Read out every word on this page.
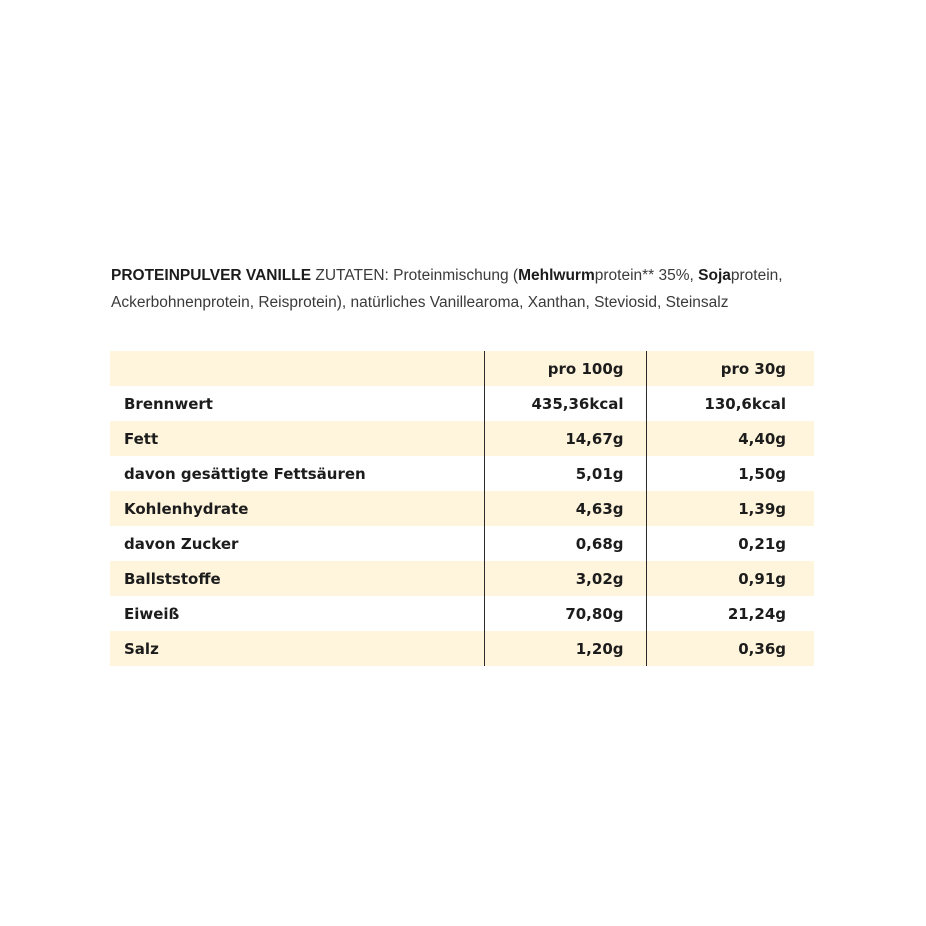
PROTEINPULVER VANILLE ZUTATEN: Proteinmischung (Mehlwurmprotein** 35%, Sojaprotein, Ackerbohnenprotein, Reisprotein), natürliches Vanillearoma, Xanthan, Steviosid, Steinsalz
	pro 100g	pro 30g
Brennwert	435,36kcal	130,6kcal
Fett	14,67g	4,40g
davon gesättigte Fettsäuren	5,01g	1,50g
Kohlenhydrate	4,63g	1,39g
davon Zucker	0,68g	0,21g
Ballststoffe	3,02g	0,91g
Eiweiß	70,80g	21,24g
Salz	1,20g	0,36g
